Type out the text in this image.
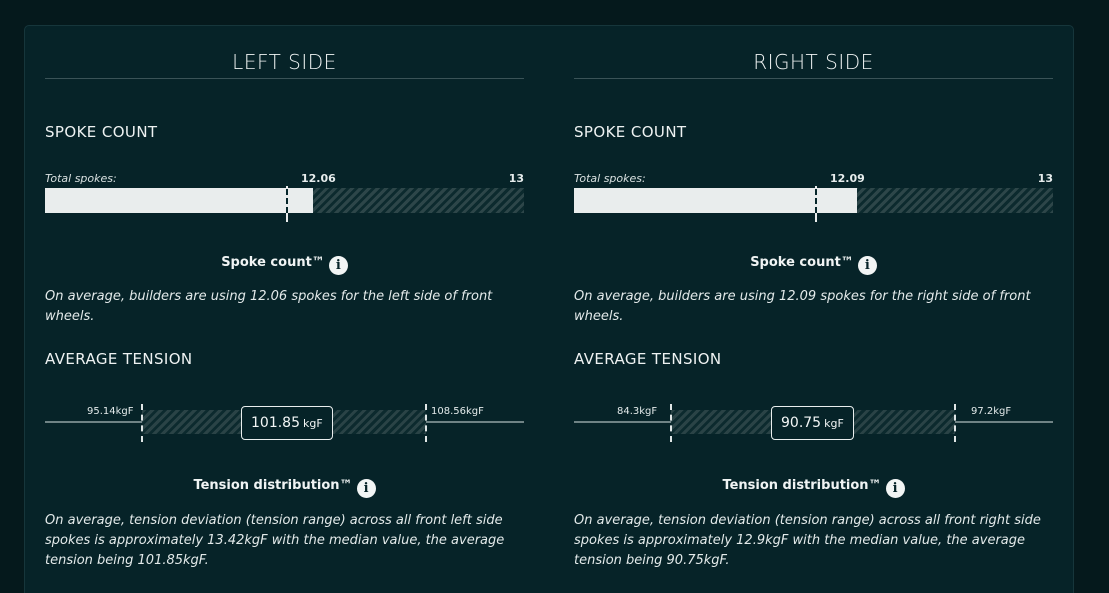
LEFT SIDE
SPOKE COUNT
Total spokes:	12.06	13
Spoke count™ i
On average, builders are using 12.06 spokes for the left side of front wheels.
AVERAGE TENSION
95.14kgF	108.56kgF
101.85 kgF
Tension distribution™ i
On average, tension deviation (tension range) across all front left side spokes is approximately 13.42kgF with the median value, the average tension being 101.85kgF.
RIGHT SIDE
SPOKE COUNT
Total spokes:	12.09	13
Spoke count™ i
On average, builders are using 12.09 spokes for the right side of front wheels.
AVERAGE TENSION
84.3kgF	97.2kgF
90.75 kgF
Tension distribution™ i
On average, tension deviation (tension range) across all front right side spokes is approximately 12.9kgF with the median value, the average tension being 90.75kgF.
